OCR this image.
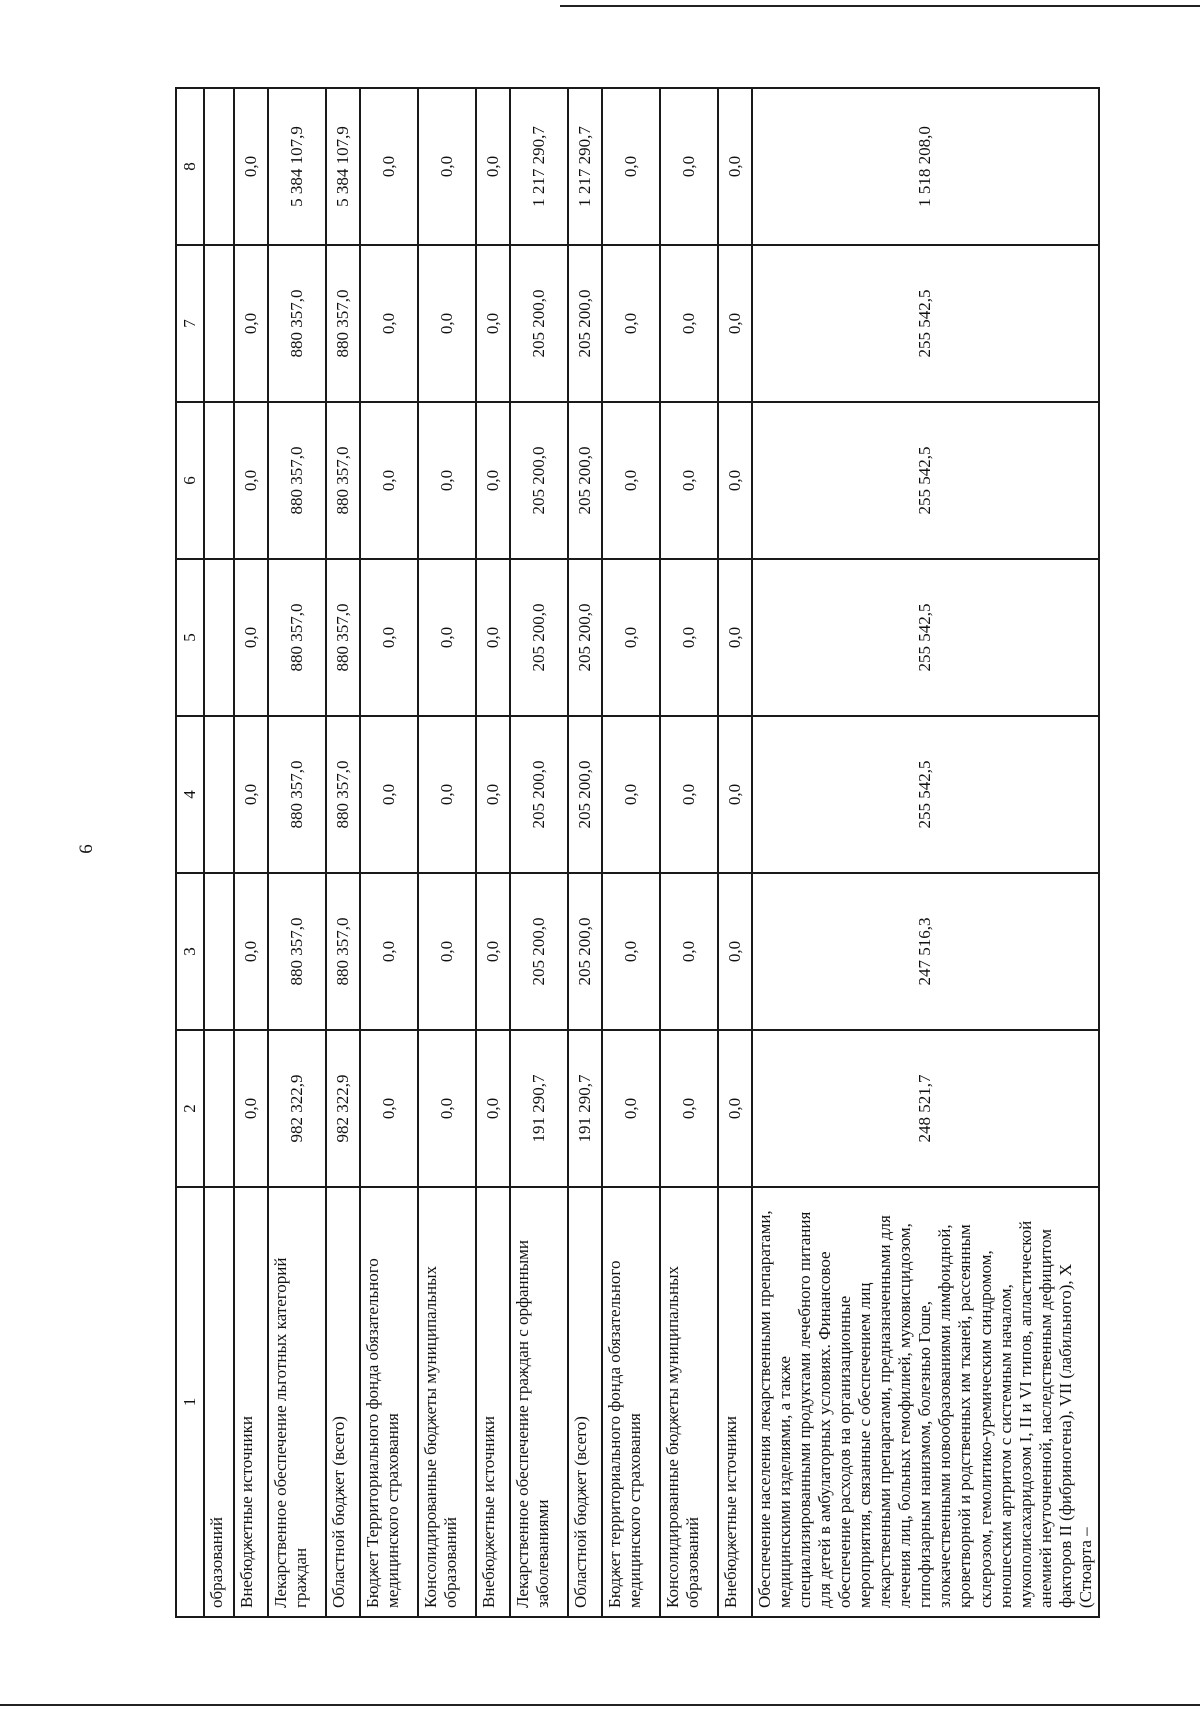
6
1	2	3	4	5	6	7	8
образований							
Внебюджетные источники	0,0	0,0	0,0	0,0	0,0	0,0	0,0
Лекарственное обеспечение льготных категорий граждан	982 322,9	880 357,0	880 357,0	880 357,0	880 357,0	880 357,0	5 384 107,9
Областной бюджет (всего)	982 322,9	880 357,0	880 357,0	880 357,0	880 357,0	880 357,0	5 384 107,9
Бюджет Территориального фонда обязательного медицинского страхования	0,0	0,0	0,0	0,0	0,0	0,0	0,0
Консолидированные бюджеты муниципальных образований	0,0	0,0	0,0	0,0	0,0	0,0	0,0
Внебюджетные источники	0,0	0,0	0,0	0,0	0,0	0,0	0,0
Лекарственное обеспечение граждан с орфанными заболеваниями	191 290,7	205 200,0	205 200,0	205 200,0	205 200,0	205 200,0	1 217 290,7
Областной бюджет (всего)	191 290,7	205 200,0	205 200,0	205 200,0	205 200,0	205 200,0	1 217 290,7
Бюджет территориального фонда обязательного медицинского страхования	0,0	0,0	0,0	0,0	0,0	0,0	0,0
Консолидированные бюджеты муниципальных образований	0,0	0,0	0,0	0,0	0,0	0,0	0,0
Внебюджетные источники	0,0	0,0	0,0	0,0	0,0	0,0	0,0
Обеспечение населения лекарственными препаратами, медицинскими изделиями, а также специализированными продуктами лечебного питания для детей в амбулаторных условиях. Финансовое обеспечение расходов на организационные мероприятия, связанные с обеспечением лиц лекарственными препаратами, предназначенными для лечения лиц, больных гемофилией, муковисцидозом, гипофизарным нанизмом, болезнью Гоше, злокачественными новообразованиями лимфоидной, кроветворной и родственных им тканей, рассеянным склерозом, гемолитико-уремическим синдромом, юношеским артритом с системным началом, мукополисахаридозом I, II и VI типов, апластической анемией неуточненной, наследственным дефицитом факторов II (фибриногена), VII (лабильного), X (Стюарта –	248 521,7	247 516,3	255 542,5	255 542,5	255 542,5	255 542,5	1 518 208,0
